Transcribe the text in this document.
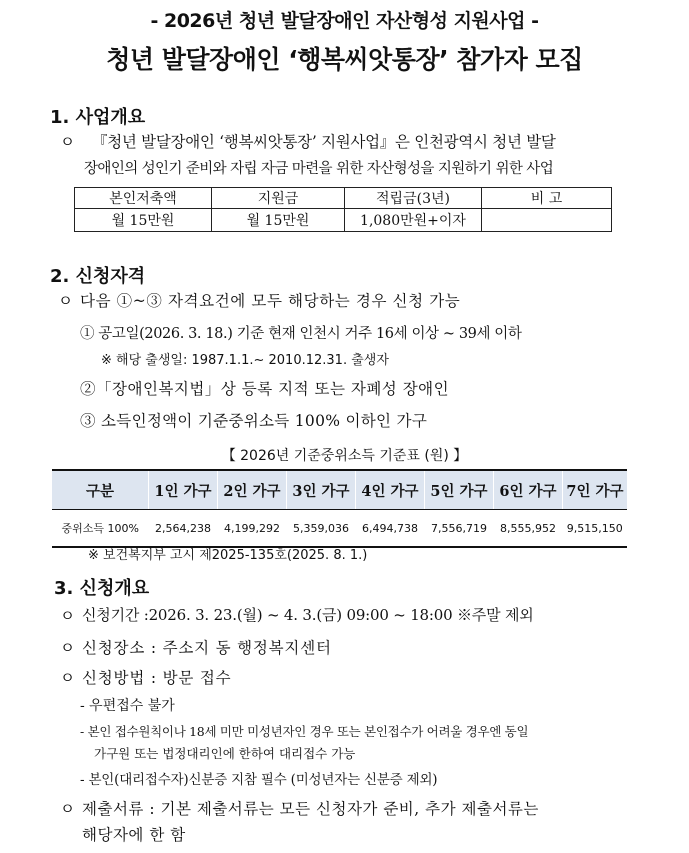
- 2026년 청년 발달장애인 자산형성 지원사업 -
청년 발달장애인 ‘행복씨앗통장’ 참가자 모집
1. 사업개요
ㅇ 『청년 발달장애인 ‘행복씨앗통장’ 지원사업』은 인천광역시 청년 발달
장애인의 성인기 준비와 자립 자금 마련을 위한 자산형성을 지원하기 위한 사업
본인저축액	지원금	적립금(3년)	비 고
월 15만원	월 15만원	1,080만원+이자	
2. 신청자격
ㅇ 다음 ①~③ 자격요건에 모두 해당하는 경우 신청 가능
① 공고일(2026. 3. 18.) 기준 현재 인천시 거주 16세 이상 ~ 39세 이하
※ 해당 출생일: 1987.1.1.~ 2010.12.31. 출생자
②「장애인복지법」상 등록 지적 또는 자폐성 장애인
③ 소득인정액이 기준중위소득 100% 이하인 가구
【 2026년 기준중위소득 기준표 (원) 】
구분	1인 가구	2인 가구	3인 가구	4인 가구	5인 가구	6인 가구	7인 가구
중위소득 100%	2,564,238	4,199,292	5,359,036	6,494,738	7,556,719	8,555,952	9,515,150
※ 보건복지부 고시 제2025-135호(2025. 8. 1.)
3. 신청개요
ㅇ 신청기간 :2026. 3. 23.(월) ~ 4. 3.(금) 09:00 ~ 18:00 ※주말 제외
ㅇ 신청장소 : 주소지 동 행정복지센터
ㅇ 신청방법 : 방문 접수
- 우편접수 불가
- 본인 접수원칙이나 18세 미만 미성년자인 경우 또는 본인접수가 어려울 경우엔 동일
가구원 또는 법정대리인에 한하여 대리접수 가능
- 본인(대리접수자)신분증 지참 필수 (미성년자는 신분증 제외)
ㅇ 제출서류 : 기본 제출서류는 모든 신청자가 준비, 추가 제출서류는
해당자에 한 함
